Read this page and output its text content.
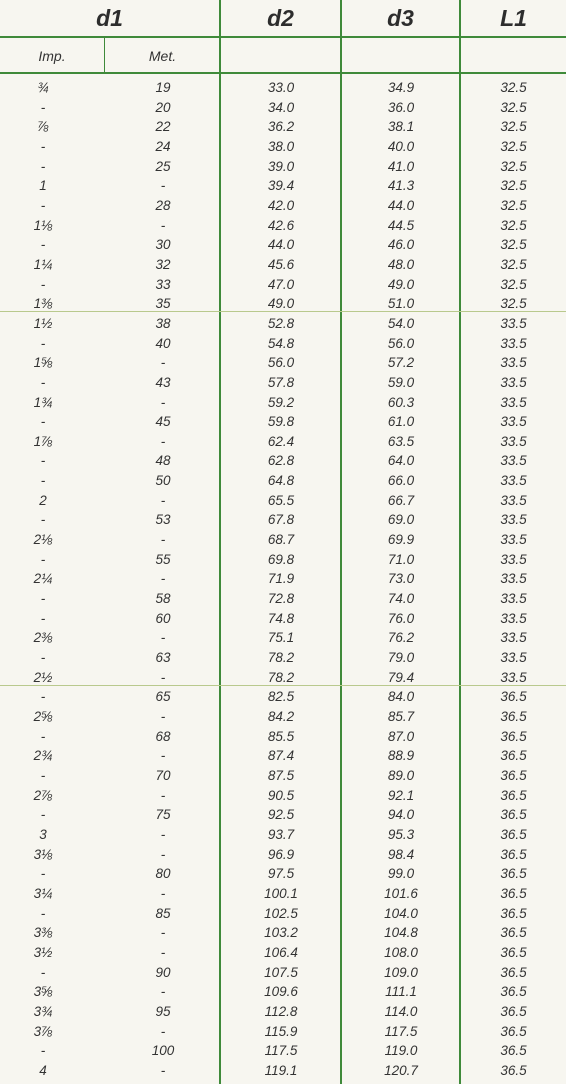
d1	d2	d3	L1
Imp.	Met.
¾	19	33.0	34.9	32.5
-	20	34.0	36.0	32.5
⅞	22	36.2	38.1	32.5
-	24	38.0	40.0	32.5
-	25	39.0	41.0	32.5
1	-	39.4	41.3	32.5
-	28	42.0	44.0	32.5
1⅛	-	42.6	44.5	32.5
-	30	44.0	46.0	32.5
1¼	32	45.6	48.0	32.5
-	33	47.0	49.0	32.5
1⅜	35	49.0	51.0	32.5
1½	38	52.8	54.0	33.5
-	40	54.8	56.0	33.5
1⅝	-	56.0	57.2	33.5
-	43	57.8	59.0	33.5
1¾	-	59.2	60.3	33.5
-	45	59.8	61.0	33.5
1⅞	-	62.4	63.5	33.5
-	48	62.8	64.0	33.5
-	50	64.8	66.0	33.5
2	-	65.5	66.7	33.5
-	53	67.8	69.0	33.5
2⅛	-	68.7	69.9	33.5
-	55	69.8	71.0	33.5
2¼	-	71.9	73.0	33.5
-	58	72.8	74.0	33.5
-	60	74.8	76.0	33.5
2⅜	-	75.1	76.2	33.5
-	63	78.2	79.0	33.5
2½	-	78.2	79.4	33.5
-	65	82.5	84.0	36.5
2⅝	-	84.2	85.7	36.5
-	68	85.5	87.0	36.5
2¾	-	87.4	88.9	36.5
-	70	87.5	89.0	36.5
2⅞	-	90.5	92.1	36.5
-	75	92.5	94.0	36.5
3	-	93.7	95.3	36.5
3⅛	-	96.9	98.4	36.5
-	80	97.5	99.0	36.5
3¼	-	100.1	101.6	36.5
-	85	102.5	104.0	36.5
3⅜	-	103.2	104.8	36.5
3½	-	106.4	108.0	36.5
-	90	107.5	109.0	36.5
3⅝	-	109.6	111.1	36.5
3¾	95	112.8	114.0	36.5
3⅞	-	115.9	117.5	36.5
-	100	117.5	119.0	36.5
4	-	119.1	120.7	36.5
